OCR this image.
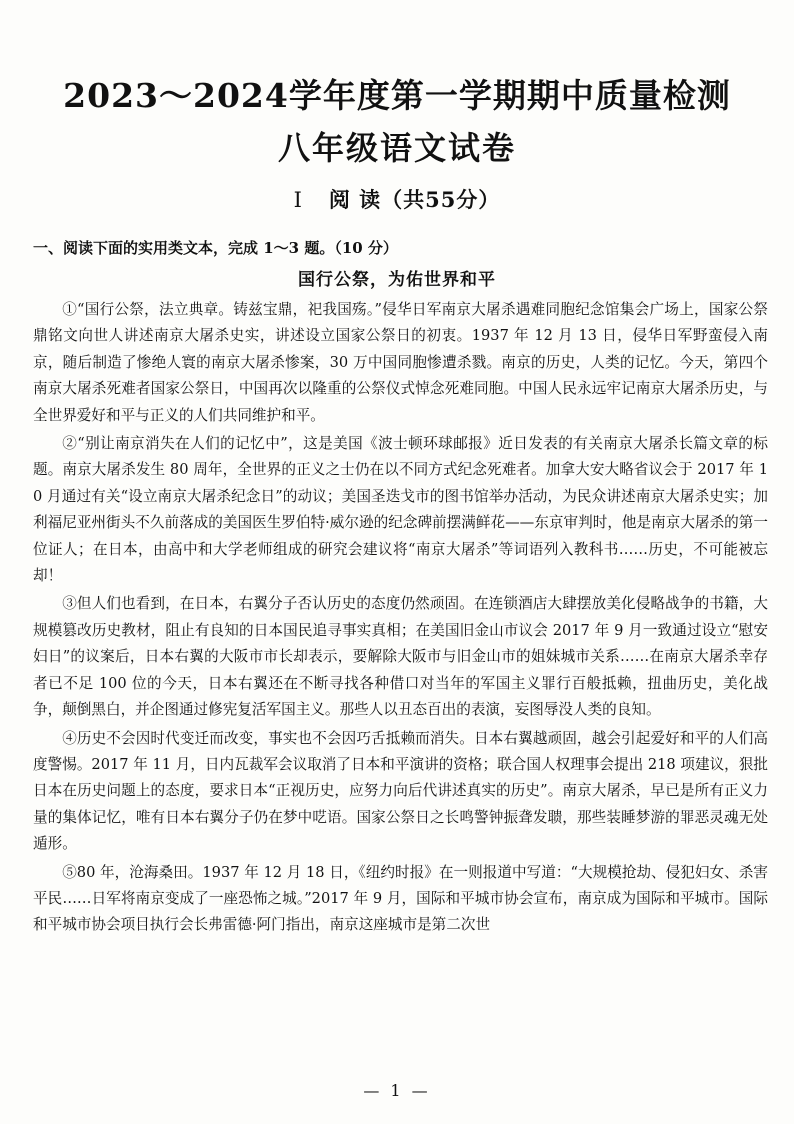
2023～2024学年度第一学期期中质量检测
八年级语文试卷
Ⅰ 阅 读（共55分）
一、阅读下面的实用类文本，完成 1～3 题。（10 分）
国行公祭，为佑世界和平

①“国行公祭，法立典章。铸兹宝鼎，祀我国殇。”侵华日军南京大屠杀遇难同胞纪念馆集会广场上，国家公祭鼎铭文向世人讲述南京大屠杀史实，讲述设立国家公祭日的初衷。1937 年 12 月 13 日，侵华日军野蛮侵入南京，随后制造了惨绝人寰的南京大屠杀惨案，30 万中国同胞惨遭杀戮。南京的历史，人类的记忆。今天，第四个南京大屠杀死难者国家公祭日，中国再次以隆重的公祭仪式悼念死难同胞。中国人民永远牢记南京大屠杀历史，与全世界爱好和平与正义的人们共同维护和平。

②“别让南京消失在人们的记忆中”，这是美国《波士顿环球邮报》近日发表的有关南京大屠杀长篇文章的标题。南京大屠杀发生 80 周年，全世界的正义之士仍在以不同方式纪念死难者。加拿大安大略省议会于 2017 年 10 月通过有关“设立南京大屠杀纪念日”的动议；美国圣迭戈市的图书馆举办活动，为民众讲述南京大屠杀史实；加利福尼亚州街头不久前落成的美国医生罗伯特·威尔逊的纪念碑前摆满鲜花——东京审判时，他是南京大屠杀的第一位证人；在日本，由高中和大学老师组成的研究会建议将“南京大屠杀”等词语列入教科书……历史，不可能被忘却！

③但人们也看到，在日本，右翼分子否认历史的态度仍然顽固。在连锁酒店大肆摆放美化侵略战争的书籍，大规模篡改历史教材，阻止有良知的日本国民追寻事实真相；在美国旧金山市议会 2017 年 9 月一致通过设立“慰安妇日”的议案后，日本右翼的大阪市市长却表示，要解除大阪市与旧金山市的姐妹城市关系……在南京大屠杀幸存者已不足 100 位的今天，日本右翼还在不断寻找各种借口对当年的军国主义罪行百般抵赖，扭曲历史，美化战争，颠倒黑白，并企图通过修宪复活军国主义。那些人以丑态百出的表演，妄图辱没人类的良知。

④历史不会因时代变迁而改变，事实也不会因巧舌抵赖而消失。日本右翼越顽固，越会引起爱好和平的人们高度警惕。2017 年 11 月，日内瓦裁军会议取消了日本和平演讲的资格；联合国人权理事会提出 218 项建议，狠批日本在历史问题上的态度，要求日本“正视历史，应努力向后代讲述真实的历史”。南京大屠杀，早已是所有正义力量的集体记忆，唯有日本右翼分子仍在梦中呓语。国家公祭日之长鸣警钟振聋发聩，那些装睡梦游的罪恶灵魂无处遁形。

⑤80 年，沧海桑田。1937 年 12 月 18 日，《纽约时报》在一则报道中写道：“大规模抢劫、侵犯妇女、杀害平民……日军将南京变成了一座恐怖之城。”2017 年 9 月，国际和平城市协会宣布，南京成为国际和平城市。国际和平城市协会项目执行会长弗雷德·阿门指出，南京这座城市是第二次世

— 1 —
